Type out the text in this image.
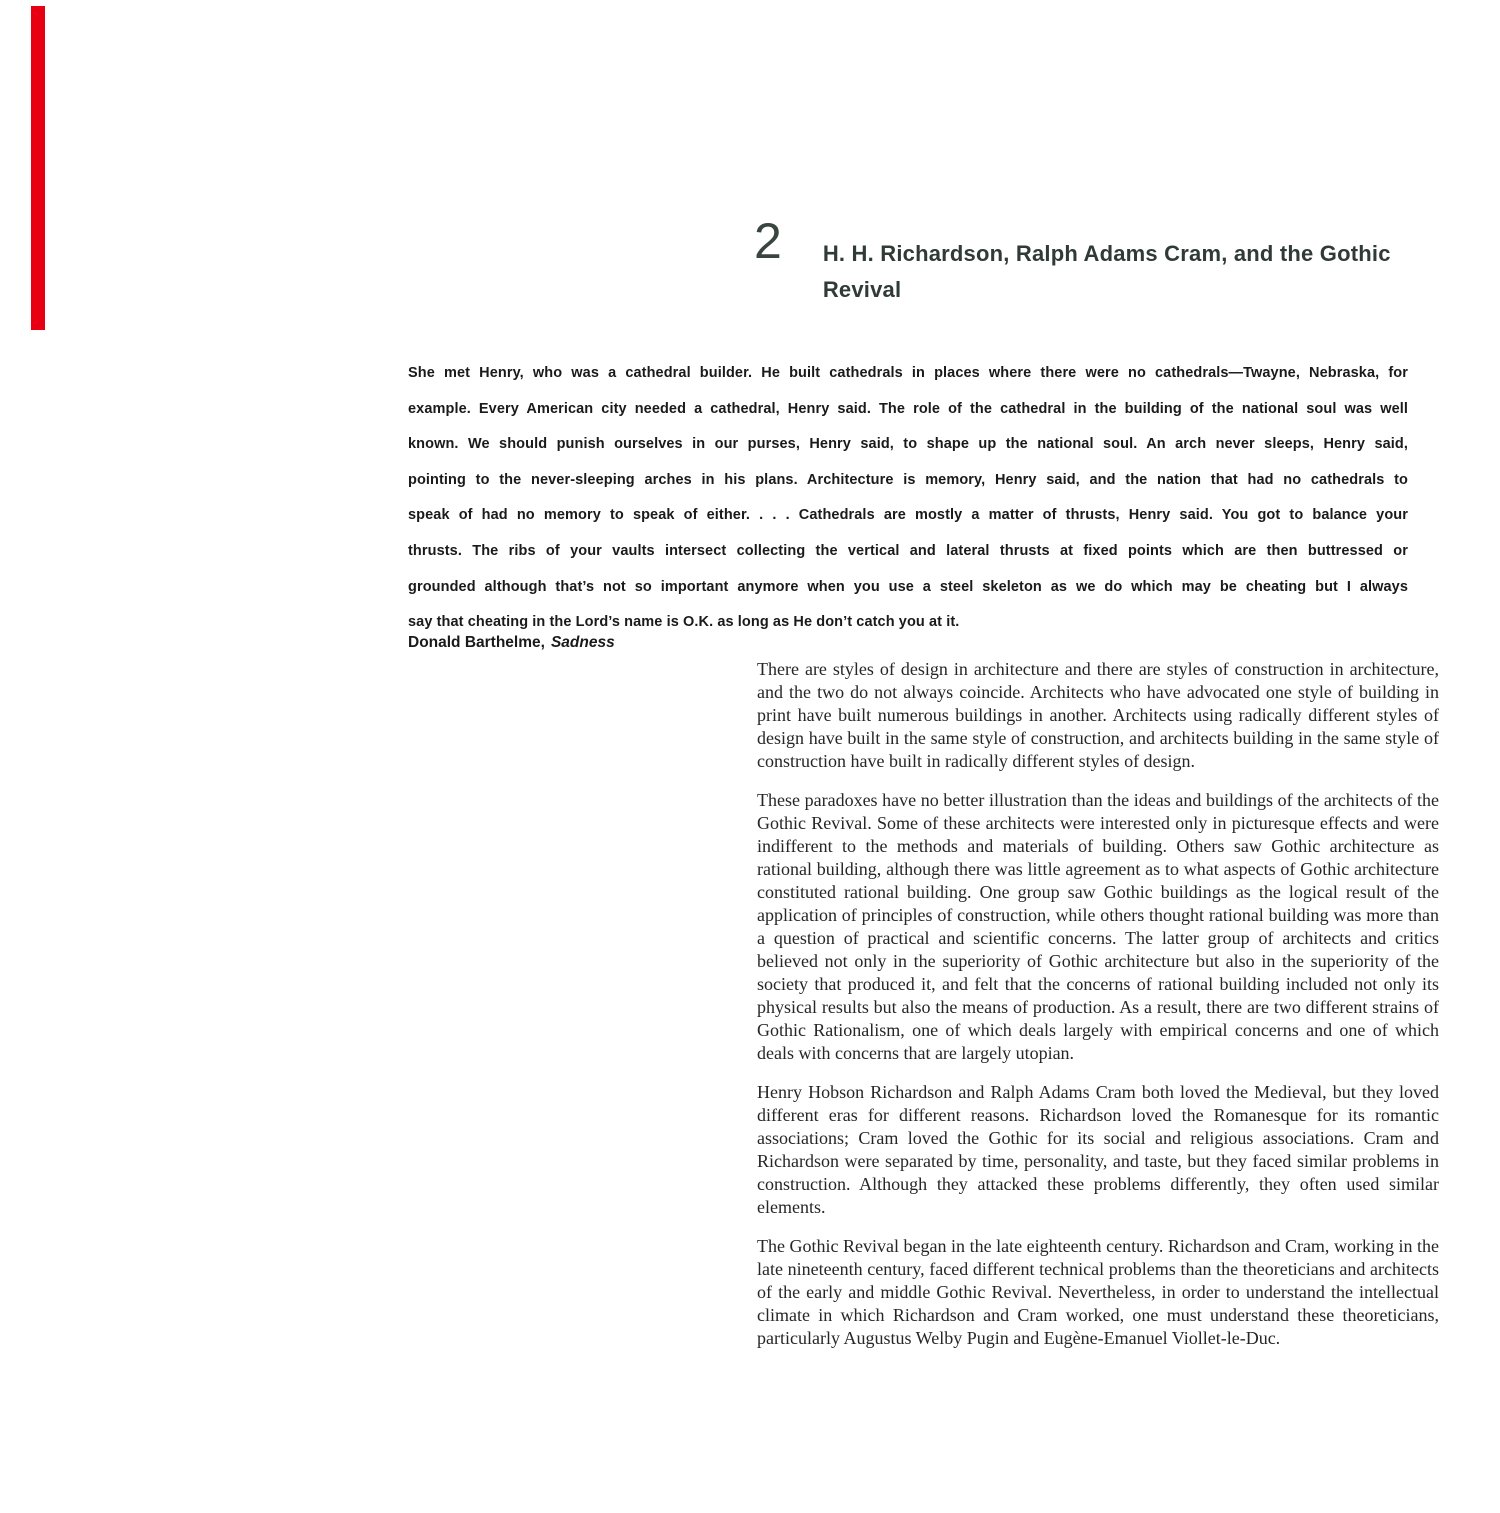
2 H. H. Richardson, Ralph Adams Cram, and the Gothic Revival
She met Henry, who was a cathedral builder. He built cathedrals in places where there were no cathedrals—Twayne, Nebraska, for
example. Every American city needed a cathedral, Henry said. The role of the cathedral in the building of the national soul was well
known. We should punish ourselves in our purses, Henry said, to shape up the national soul. An arch never sleeps, Henry said,
pointing to the never-sleeping arches in his plans. Architecture is memory, Henry said, and the nation that had no cathedrals to
speak of had no memory to speak of either. . . . Cathedrals are mostly a matter of thrusts, Henry said. You got to balance your
thrusts. The ribs of your vaults intersect collecting the vertical and lateral thrusts at fixed points which are then buttressed or
grounded although that’s not so important anymore when you use a steel skeleton as we do which may be cheating but I always
say that cheating in the Lord’s name is O.K. as long as He don’t catch you at it.
Donald Barthelme, Sadness

There are styles of design in architecture and there are styles of construction in architecture, and the two do not always coincide. Architects who have advocated one style of building in print have built numerous buildings in another. Architects using radically different styles of design have built in the same style of construction, and architects building in the same style of construction have built in radically different styles of design.

These paradoxes have no better illustration than the ideas and buildings of the architects of the Gothic Revival. Some of these architects were interested only in picturesque effects and were indifferent to the methods and materials of building. Others saw Gothic architecture as rational building, although there was little agreement as to what aspects of Gothic architecture constituted rational building. One group saw Gothic buildings as the logical result of the application of principles of construction, while others thought rational building was more than a question of practical and scientific concerns. The latter group of architects and critics believed not only in the superiority of Gothic architecture but also in the superiority of the society that produced it, and felt that the concerns of rational building included not only its physical results but also the means of production. As a result, there are two different strains of Gothic Rationalism, one of which deals largely with empirical concerns and one of which deals with concerns that are largely utopian.

Henry Hobson Richardson and Ralph Adams Cram both loved the Medieval, but they loved different eras for different reasons. Richardson loved the Romanesque for its romantic associations; Cram loved the Gothic for its social and religious associations. Cram and Richardson were separated by time, personality, and taste, but they faced similar problems in construction. Although they attacked these problems differently, they often used similar elements.

The Gothic Revival began in the late eighteenth century. Richardson and Cram, working in the late nineteenth century, faced different technical problems than the theoreticians and architects of the early and middle Gothic Revival. Nevertheless, in order to understand the intellectual climate in which Richardson and Cram worked, one must understand these theoreticians, particularly Augustus Welby Pugin and Eugène-Emanuel Viollet-le-Duc.
